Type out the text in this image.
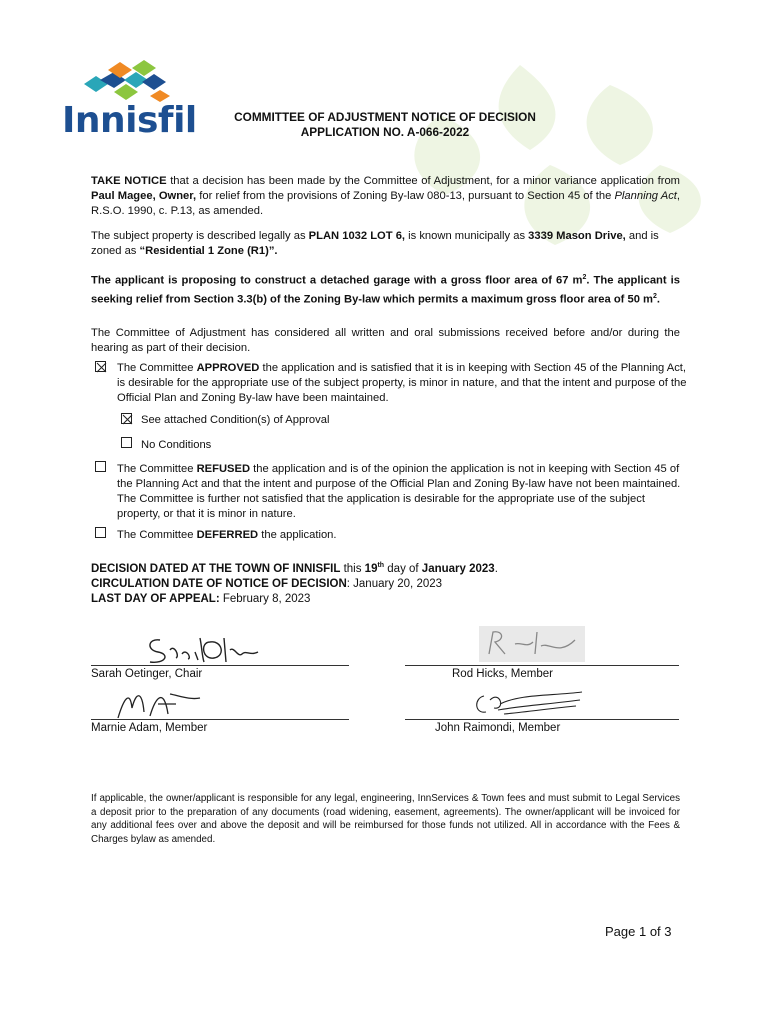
Innisfil	COMMITTEE OF ADJUSTMENT NOTICE OF DECISION
APPLICATION NO. A-066-2022

TAKE NOTICE that a decision has been made by the Committee of Adjustment, for a minor variance application from Paul Magee, Owner, for relief from the provisions of Zoning By-law 080-13, pursuant to Section 45 of the Planning Act, R.S.O. 1990, c. P.13, as amended.

The subject property is described legally as PLAN 1032 LOT 6, is known municipally as 3339 Mason Drive, and is zoned as “Residential 1 Zone (R1)”.

The applicant is proposing to construct a detached garage with a gross floor area of 67 $m^2$. The applicant is seeking relief from Section 3.3(b) of the Zoning By-law which permits a maximum gross floor area of 50 $m^2$.

The Committee of Adjustment has considered all written and oral submissions received before and/or during the hearing as part of their decision.

The Committee APPROVED the application and is satisfied that it is in keeping with Section 45 of the Planning Act, is desirable for the appropriate use of the subject property, is minor in nature, and that the intent and purpose of the Official Plan and Zoning By-law have been maintained.

See attached Condition(s) of Approval
No Conditions

The Committee REFUSED the application and is of the opinion the application is not in keeping with Section 45 of the Planning Act and that the intent and purpose of the Official Plan and Zoning By-law have not been maintained. The Committee is further not satisfied that the application is desirable for the appropriate use of the subject property, or that it is minor in nature.

The Committee DEFERRED the application.

DECISION DATED AT THE TOWN OF INNISFIL this 19th day of January 2023.
CIRCULATION DATE OF NOTICE OF DECISION: January 20, 2023
LAST DAY OF APPEAL: February 8, 2023
Sarah Oetinger, Chair	Rod Hicks, Member
Marnie Adam, Member	John Raimondi, Member

If applicable, the owner/applicant is responsible for any legal, engineering, InnServices & Town fees and must submit to Legal Services a deposit prior to the preparation of any documents (road widening, easement, agreements). The owner/applicant will be invoiced for any additional fees over and above the deposit and will be reimbursed for those funds not utilized. All in accordance with the Fees & Charges bylaw as amended.

Page 1 of 3
